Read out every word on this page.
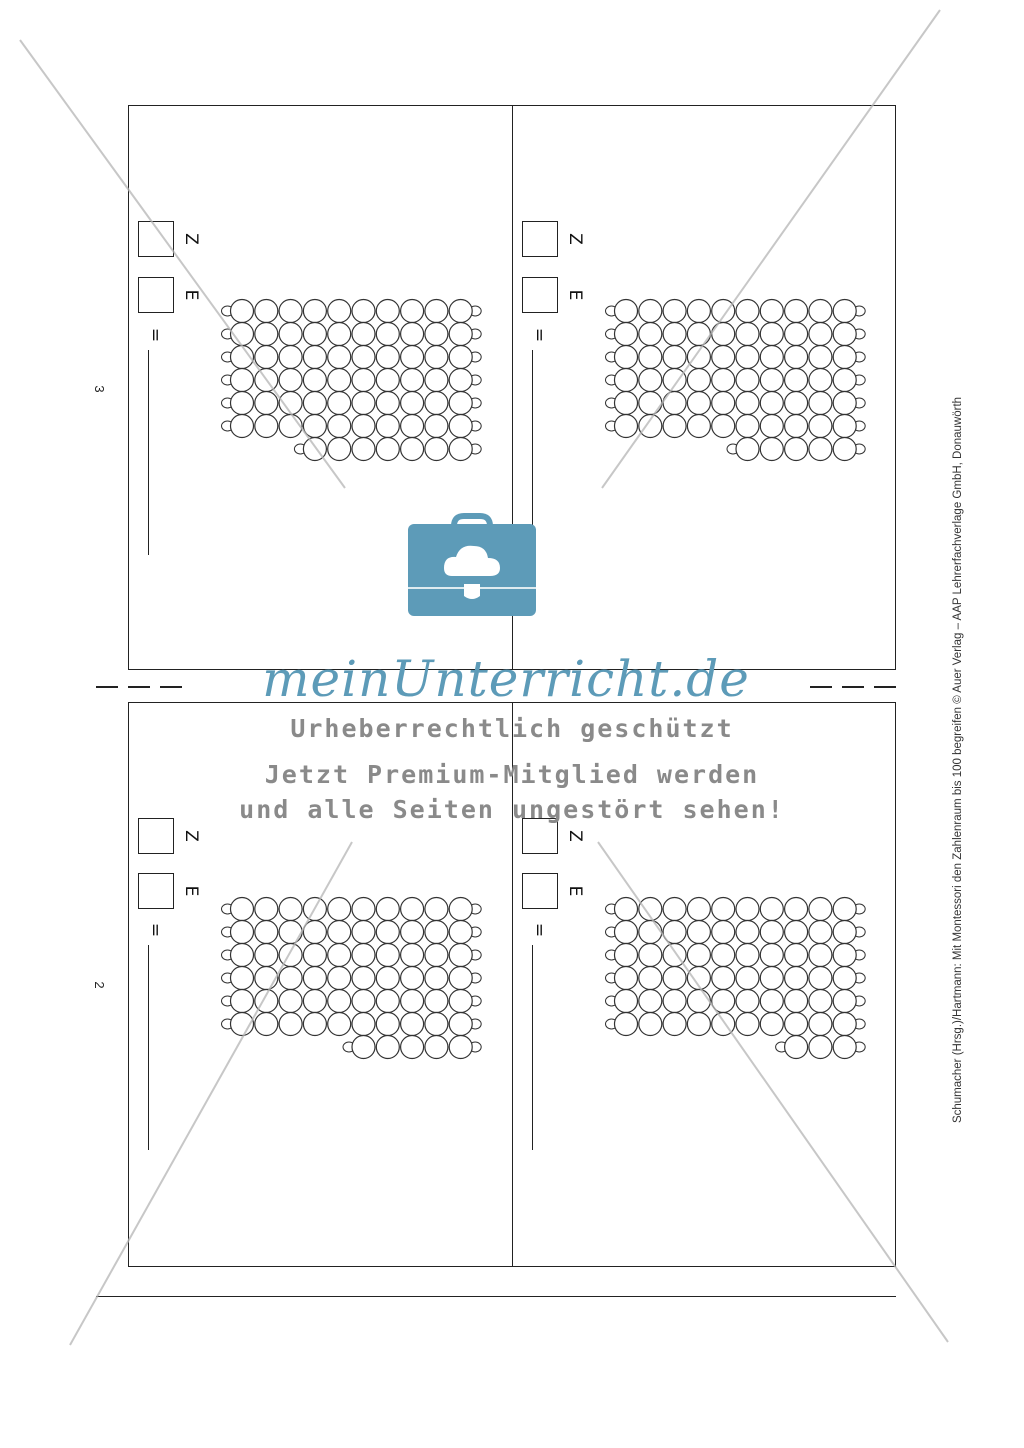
Z
E
=
3
Z
E
=
Z
E
=
2
Z
E
=	Schumacher (Hrsg.)/Hartmann: Mit Montessori den Zahlenraum bis 100 begreifen © Auer Verlag – AAP Lehrerfachverlage GmbH, Donauwörth
meinUnterricht.de
Urheberrechtlich geschützt
Jetzt Premium-Mitglied werden
und alle Seiten ungestört sehen!
